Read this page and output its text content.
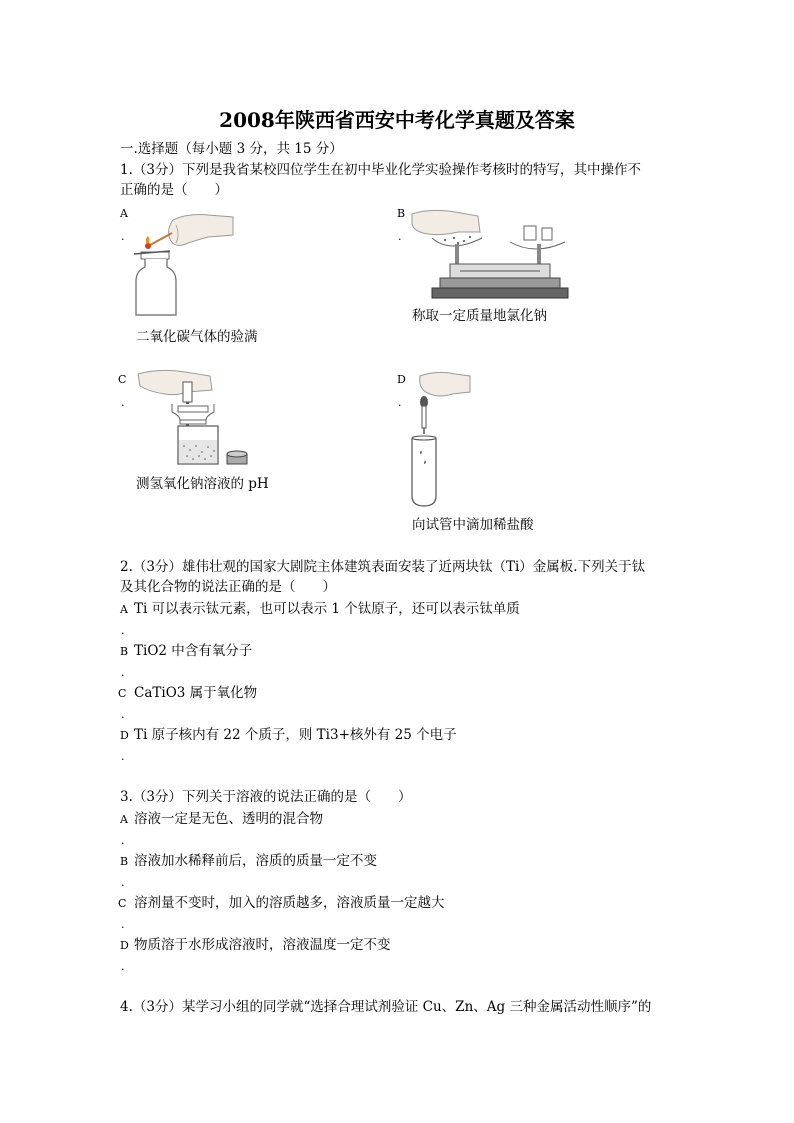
2008年陕西省西安中考化学真题及答案
一.选择题（每小题 3 分，共 15 分）
1.（3分）下列是我省某校四位学生在初中毕业化学实验操作考核时的特写，其中操作不
正确的是（　　）
A
.
二氧化碳气体的验满
B
.
称取一定质量地氯化钠
C
.
测氢氧化钠溶液的 pH
D
.
向试管中滴加稀盐酸
2.（3分）雄伟壮观的国家大剧院主体建筑表面安装了近两块钛（Ti）金属板.下列关于钛
及其化合物的说法正确的是（　　）
A Ti 可以表示钛元素，也可以表示 1 个钛原子，还可以表示钛单质
.
B TiO2 中含有氧分子
.
C CaTiO3 属于氧化物
.
D Ti 原子核内有 22 个质子，则 Ti3+核外有 25 个电子
.
3.（3分）下列关于溶液的说法正确的是（　　）
A 溶液一定是无色、透明的混合物
.
B 溶液加水稀释前后，溶质的质量一定不变
.
C 溶剂量不变时，加入的溶质越多，溶液质量一定越大
.
D 物质溶于水形成溶液时，溶液温度一定不变
.
4.（3分）某学习小组的同学就“选择合理试剂验证 Cu、Zn、Ag 三种金属活动性顺序”的
